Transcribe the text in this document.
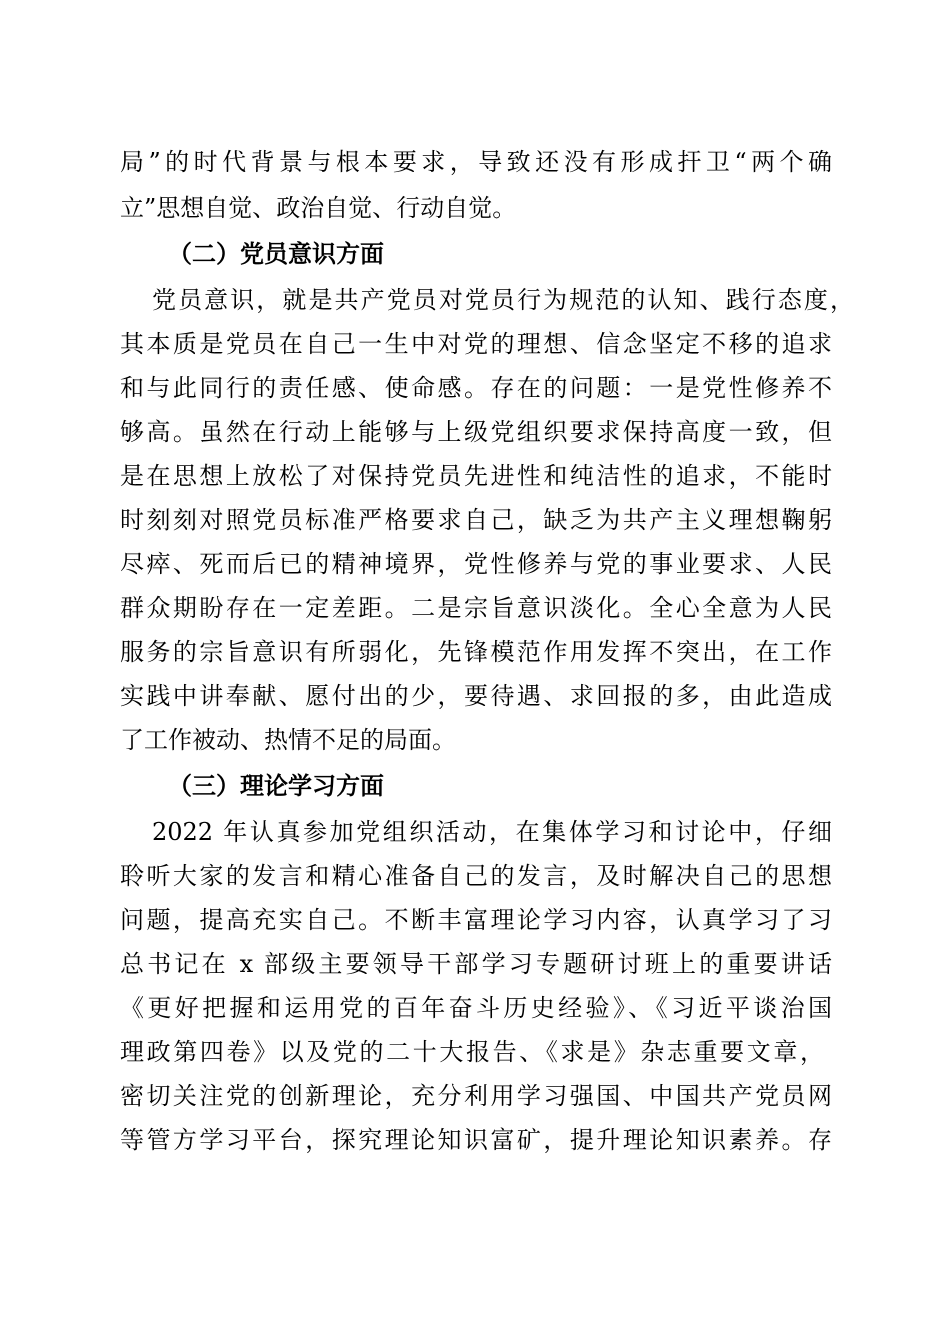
局”的时代背景与根本要求，导致还没有形成扞卫“两个确
立”思想自觉、政治自觉、行动自觉。
（二）党员意识方面
党员意识，就是共产党员对党员行为规范的认知、践行态度，
其本质是党员在自己一生中对党的理想、信念坚定不移的追求
和与此同行的责任感、使命感。存在的问题：一是党性修养不
够高。虽然在行动上能够与上级党组织要求保持高度一致，但
是在思想上放松了对保持党员先进性和纯洁性的追求，不能时
时刻刻对照党员标准严格要求自己，缺乏为共产主义理想鞠躬
尽瘁、死而后已的精神境界，党性修养与党的事业要求、人民
群众期盼存在一定差距。二是宗旨意识淡化。全心全意为人民
服务的宗旨意识有所弱化，先锋模范作用发挥不突出，在工作
实践中讲奉献、愿付出的少，要待遇、求回报的多，由此造成
了工作被动、热情不足的局面。
（三）理论学习方面
2022 年认真参加党组织活动，在集体学习和讨论中，仔细
聆听大家的发言和精心准备自己的发言，及时解决自己的思想
问题，提高充实自己。不断丰富理论学习内容，认真学习了习
总书记在 x 部级主要领导干部学习专题研讨班上的重要讲话
《更好把握和运用党的百年奋斗历史经验》、《习近平谈治国
理政第四卷》以及党的二十大报告、《求是》杂志重要文章，
密切关注党的创新理论，充分利用学习强国、中国共产党员网
等管方学习平台，探究理论知识富矿，提升理论知识素养。存
